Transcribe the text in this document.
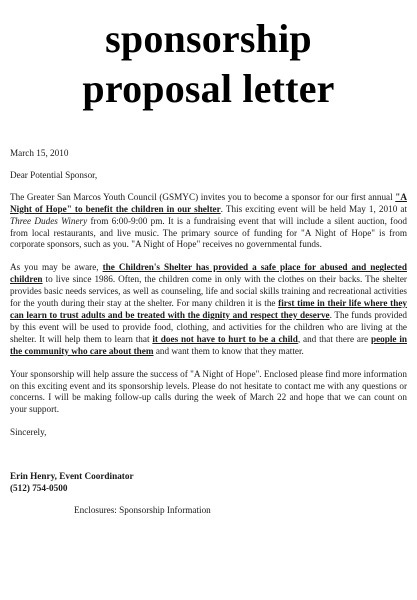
sponsorship
proposal letter

March 15, 2010

Dear Potential Sponsor,

The Greater San Marcos Youth Council (GSMYC) invites you to become a sponsor for our first annual "A Night of Hope" to benefit the children in our shelter. This exciting event will be held May 1, 2010 at Three Dudes Winery from 6:00-9:00 pm. It is a fundraising event that will include a silent auction, food from local restaurants, and live music. The primary source of funding for "A Night of Hope" is from corporate sponsors, such as you. "A Night of Hope" receives no governmental funds.

As you may be aware, the Children's Shelter has provided a safe place for abused and neglected children to live since 1986. Often, the children come in only with the clothes on their backs. The shelter provides basic needs services, as well as counseling, life and social skills training and recreational activities for the youth during their stay at the shelter. For many children it is the first time in their life where they can learn to trust adults and be treated with the dignity and respect they deserve. The funds provided by this event will be used to provide food, clothing, and activities for the children who are living at the shelter. It will help them to learn that it does not have to hurt to be a child, and that there are people in the community who care about them and want them to know that they matter.

Your sponsorship will help assure the success of "A Night of Hope". Enclosed please find more information on this exciting event and its sponsorship levels. Please do not hesitate to contact me with any questions or concerns. I will be making follow-up calls during the week of March 22 and hope that we can count on your support.

Sincerely,

Erin Henry, Event Coordinator

(512) 754-0500

Enclosures: Sponsorship Information
